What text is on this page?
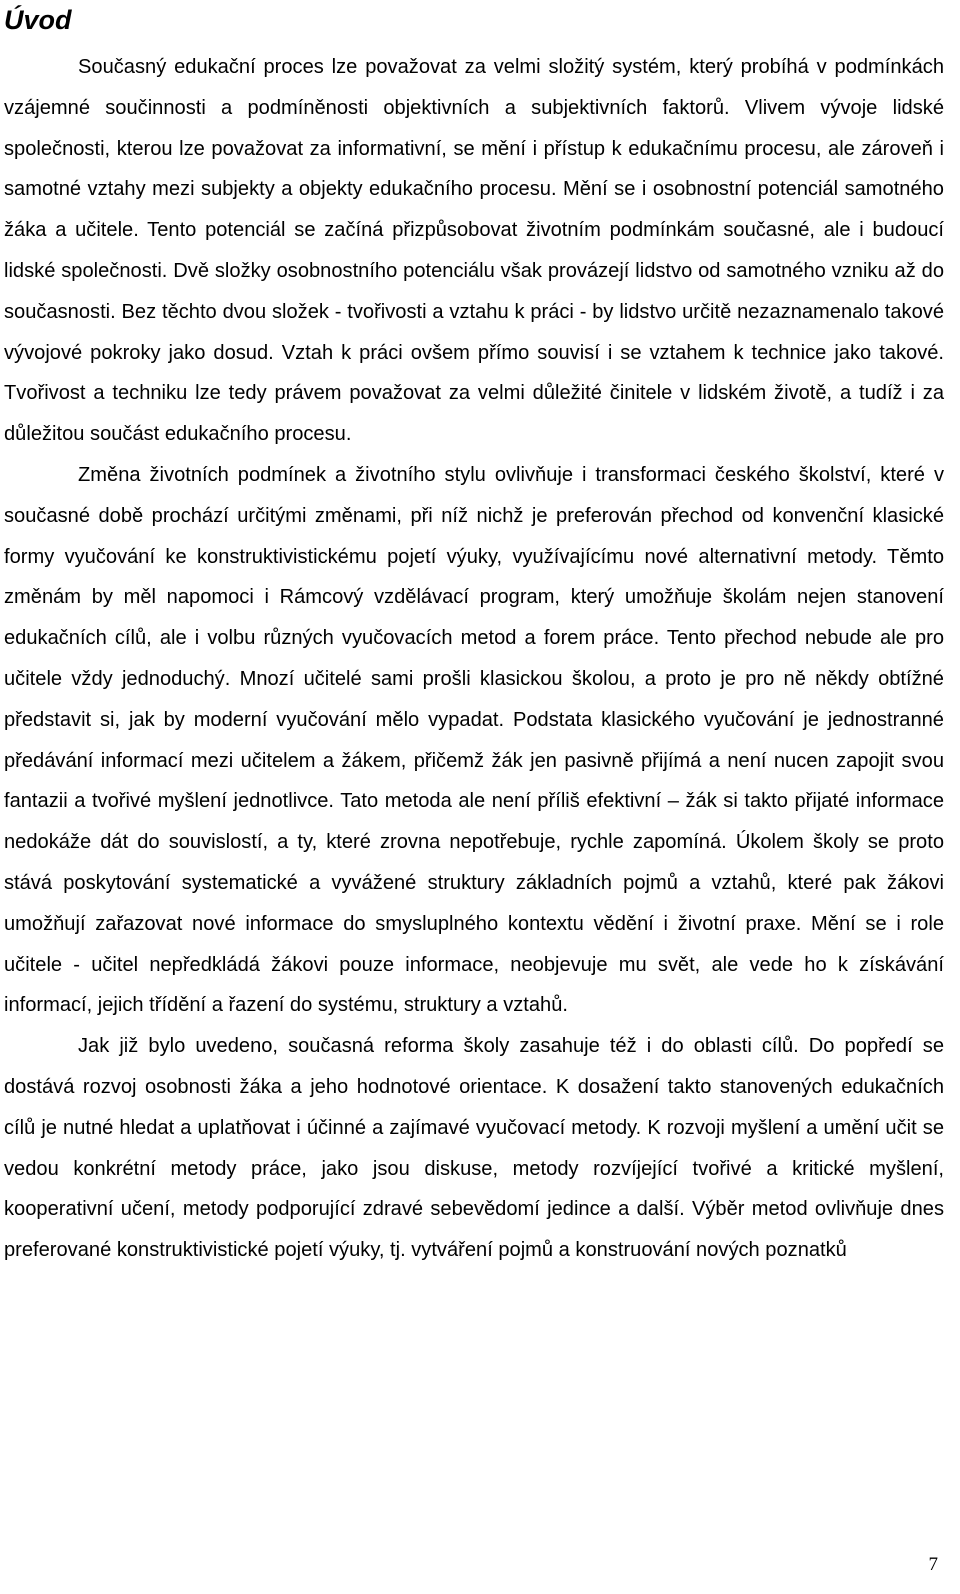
Úvod

Současný edukační proces lze považovat za velmi složitý systém, který probíhá v podmínkách vzájemné součinnosti a podmíněnosti objektivních a subjektivních faktorů. Vlivem vývoje lidské společnosti, kterou lze považovat za informativní, se mění i přístup k edukačnímu procesu, ale zároveň i samotné vztahy mezi subjekty a objekty edukačního procesu. Mění se i osobnostní potenciál samotného žáka a učitele. Tento potenciál se začíná přizpůsobovat životním podmínkám současné, ale i budoucí lidské společnosti. Dvě složky osobnostního potenciálu však provázejí lidstvo od samotného vzniku až do současnosti. Bez těchto dvou složek - tvořivosti a vztahu k práci - by lidstvo určitě nezaznamenalo takové vývojové pokroky jako dosud. Vztah k práci ovšem přímo souvisí i se vztahem k technice jako takové. Tvořivost a techniku lze tedy právem považovat za velmi důležité činitele v lidském životě, a tudíž i za důležitou součást edukačního procesu.

Změna životních podmínek a životního stylu ovlivňuje i transformaci českého školství, které v současné době prochází určitými změnami, při níž nichž je preferován přechod od konvenční klasické formy vyučování ke konstruktivistickému pojetí výuky, využívajícímu nové alternativní metody. Těmto změnám by měl napomoci i Rámcový vzdělávací program, který umožňuje školám nejen stanovení edukačních cílů, ale i volbu různých vyučovacích metod a forem práce. Tento přechod nebude ale pro učitele vždy jednoduchý. Mnozí učitelé sami prošli klasickou školou, a proto je pro ně někdy obtížné představit si, jak by moderní vyučování mělo vypadat. Podstata klasického vyučování je jednostranné předávání informací mezi učitelem a žákem, přičemž žák jen pasivně přijímá a není nucen zapojit svou fantazii a tvořivé myšlení jednotlivce. Tato metoda ale není příliš efektivní – žák si takto přijaté informace nedokáže dát do souvislostí, a ty, které zrovna nepotřebuje, rychle zapomíná. Úkolem školy se proto stává poskytování systematické a vyvážené struktury základních pojmů a vztahů, které pak žákovi umožňují zařazovat nové informace do smysluplného kontextu vědění i životní praxe. Mění se i role učitele - učitel nepředkládá žákovi pouze informace, neobjevuje mu svět, ale vede ho k získávání informací, jejich třídění a řazení do systému, struktury a vztahů.

Jak již bylo uvedeno, současná reforma školy zasahuje též i do oblasti cílů. Do popředí se dostává rozvoj osobnosti žáka a jeho hodnotové orientace. K dosažení takto stanovených edukačních cílů je nutné hledat a uplatňovat i účinné a zajímavé vyučovací metody. K rozvoji myšlení a umění učit se vedou konkrétní metody práce, jako jsou diskuse, metody rozvíjející tvořivé a kritické myšlení, kooperativní učení, metody podporující zdravé sebevědomí jedince a další. Výběr metod ovlivňuje dnes preferované konstruktivistické pojetí výuky, tj. vytváření pojmů a konstruování nových poznatků

7
